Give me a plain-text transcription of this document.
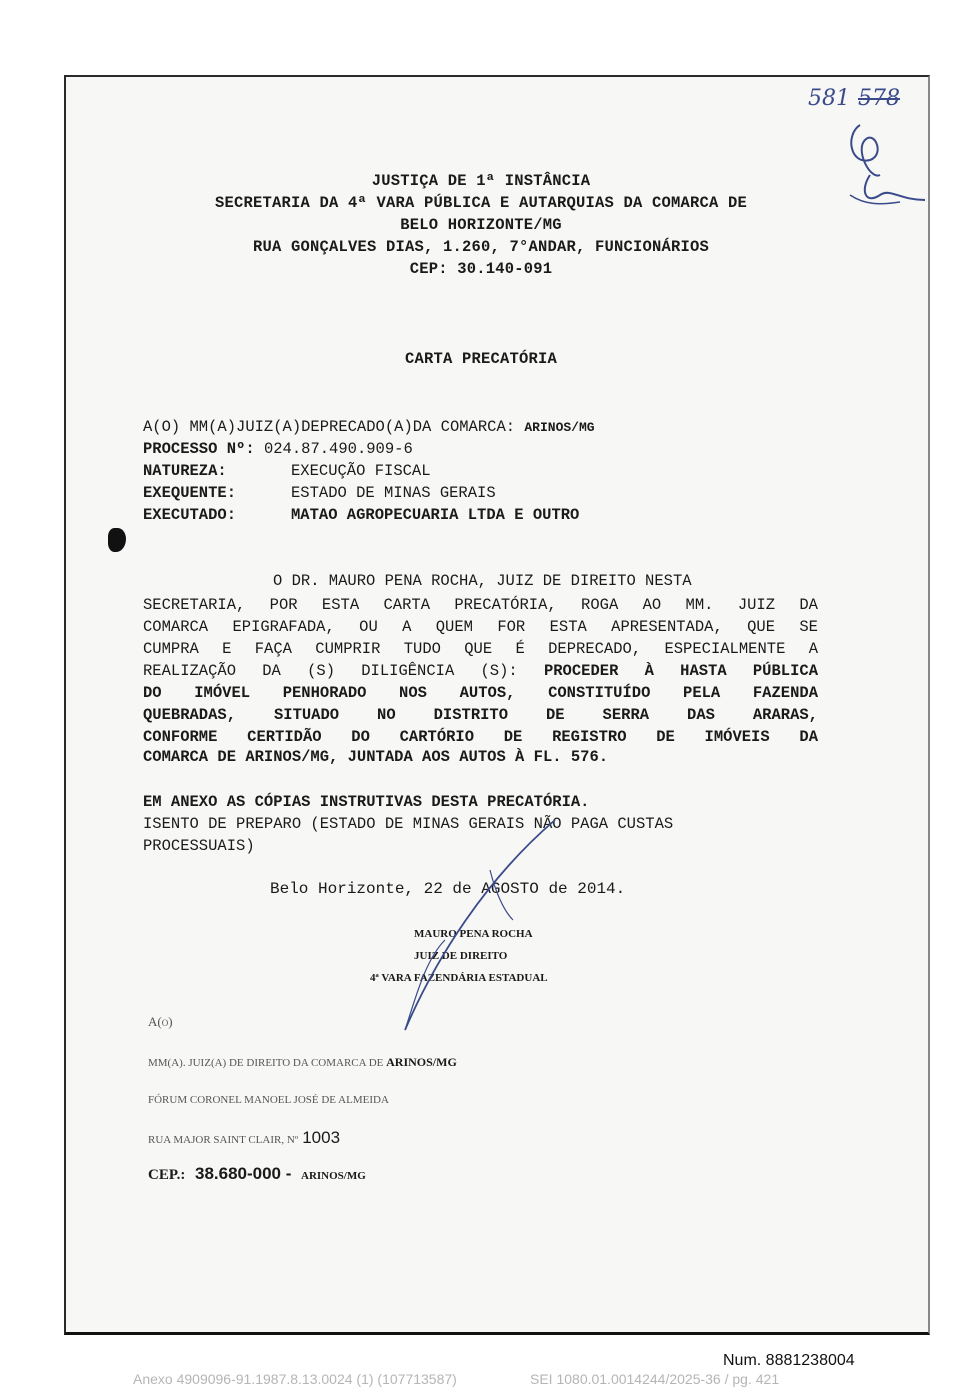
581 578
JUSTIÇA DE 1ª INSTÂNCIA
SECRETARIA DA 4ª VARA PÚBLICA E AUTARQUIAS DA COMARCA DE
BELO HORIZONTE/MG
RUA GONÇALVES DIAS, 1.260, 7°ANDAR, FUNCIONÁRIOS
CEP: 30.140-091
CARTA PRECATÓRIA
A(O) MM(A)JUIZ(A)DEPRECADO(A)DA COMARCA: ARINOS/MG
PROCESSO Nº: 024.87.490.909-6
NATUREZA:	EXECUÇÃO FISCAL
EXEQUENTE:	ESTADO DE MINAS GERAIS
EXECUTADO:	MATAO AGROPECUARIA LTDA E OUTRO
O DR. MAURO PENA ROCHA, JUIZ DE DIREITO NESTA
SECRETARIA, POR ESTA CARTA PRECATÓRIA, ROGA AO MM. JUIZ DA
COMARCA EPIGRAFADA, OU A QUEM FOR ESTA APRESENTADA, QUE SE
CUMPRA E FAÇA CUMPRIR TUDO QUE É DEPRECADO, ESPECIALMENTE A
REALIZAÇÃO DA (S) DILIGÊNCIA (S): PROCEDER À HASTA PÚBLICA
DO IMÓVEL PENHORADO NOS AUTOS, CONSTITUÍDO PELA FAZENDA
QUEBRADAS, SITUADO NO DISTRITO DE SERRA DAS ARARAS,
CONFORME CERTIDÃO DO CARTÓRIO DE REGISTRO DE IMÓVEIS DA
COMARCA DE ARINOS/MG, JUNTADA AOS AUTOS À FL. 576.
EM ANEXO AS CÓPIAS INSTRUTIVAS DESTA PRECATÓRIA.
ISENTO DE PREPARO (ESTADO DE MINAS GERAIS NÃO PAGA CUSTAS
PROCESSUAIS)
Belo Horizonte, 22 de AGOSTO de 2014.
MAURO PENA ROCHA
JUIZ DE DIREITO
4ª VARA FAZENDÁRIA ESTADUAL
A(o)
MM(A). JUIZ(A) DE DIREITO DA COMARCA DE ARINOS/MG
FÓRUM CORONEL MANOEL JOSÉ DE ALMEIDA
RUA MAJOR SAINT CLAIR, Nº 1003
CEP.: 38.680-000 - ARINOS/MG
Num. 8881238004
Anexo 4909096-91.1987.8.13.0024 (1) (107713587)	SEI 1080.01.0014244/2025-36 / pg. 421
